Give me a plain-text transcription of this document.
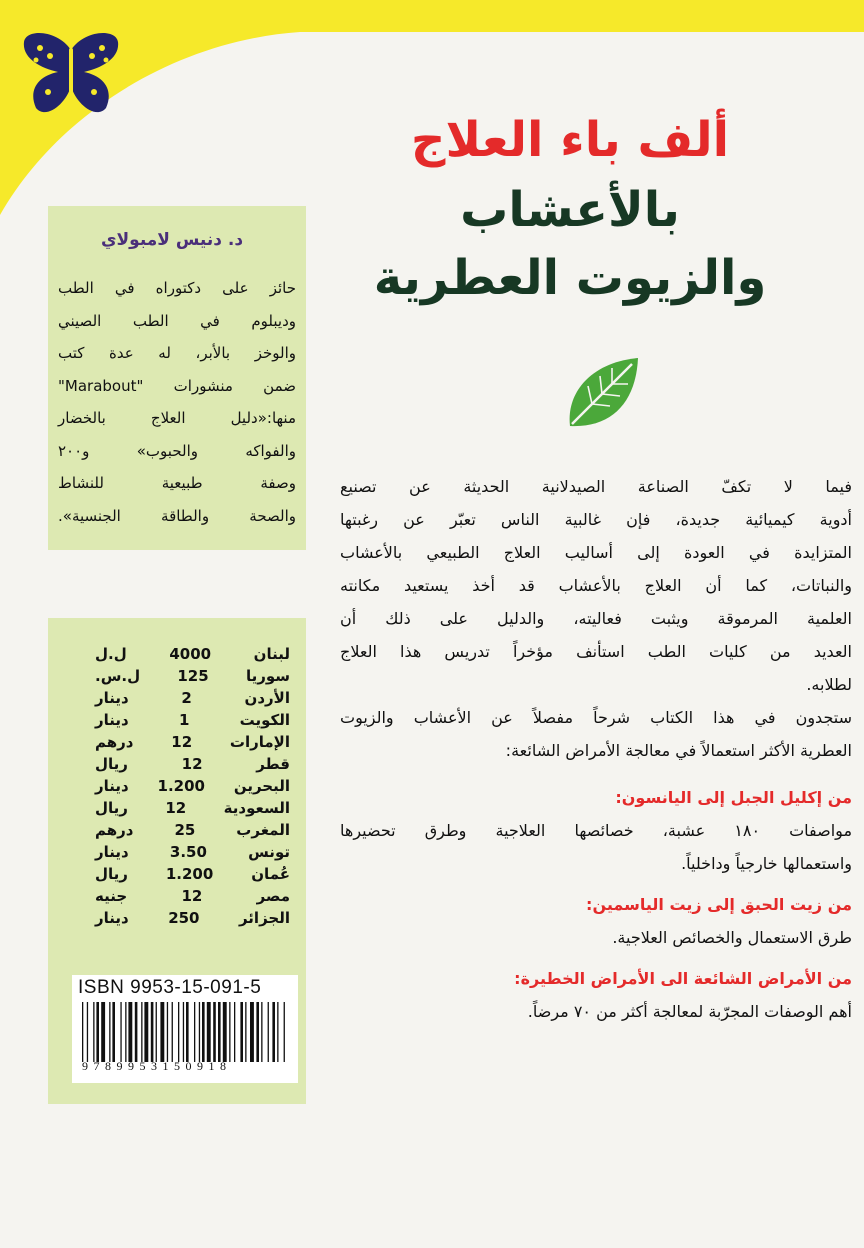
ألف باء العلاج
بالأعشاب
والزيوت العطرية
د. دنيس لامبولاي
حائز على دكتوراه في الطب
وديبلوم في الطب الصيني
والوخز بالأبر، له عدة كتب
ضمن منشورات "Marabout"
منها:«دليل العلاج بالخضار
والفواكه والحبوب» و٢٠٠
وصفة طبيعية للنشاط
والصحة والطاقة الجنسية».
لبنان 4000 ل.ل
سوريا 125 ل.س.
الأردن 2 دينار
الكويت 1 دينار
الإمارات 12 درهم
قطر 12 ريال
البحرين 1.200 دينار
السعودية 12 ريال
المغرب 25 درهم
تونس 3.50 دينار
عُمان 1.200 ريال
مصر 12 جنيه
الجزائر 250 دينار
ISBN 9953-15-091-5
9789953150918
فيما لا تكفّ الصناعة الصيدلانية الحديثة عن تصنيع
أدوية كيميائية جديدة، فإن غالبية الناس تعبّر عن رغبتها
المتزايدة في العودة إلى أساليب العلاج الطبيعي بالأعشاب
والنباتات، كما أن العلاج بالأعشاب قد أخذ يستعيد مكانته
العلمية المرموقة ويثبت فعاليته، والدليل على ذلك أن
العديد من كليات الطب استأنف مؤخراً تدريس هذا العلاج
لطلابه.
ستجدون في هذا الكتاب شرحاً مفصلاً عن الأعشاب والزيوت
العطرية الأكثر استعمالاً في معالجة الأمراض الشائعة:
من إكليل الجبل إلى اليانسون:
مواصفات ١٨٠ عشبة، خصائصها العلاجية وطرق تحضيرها
واستعمالها خارجياً وداخلياً.
من زيت الحبق إلى زيت الياسمين:
طرق الاستعمال والخصائص العلاجية.
من الأمراض الشائعة الى الأمراض الخطيرة:
أهم الوصفات المجرّبة لمعالجة أكثر من ٧٠ مرضاً.
